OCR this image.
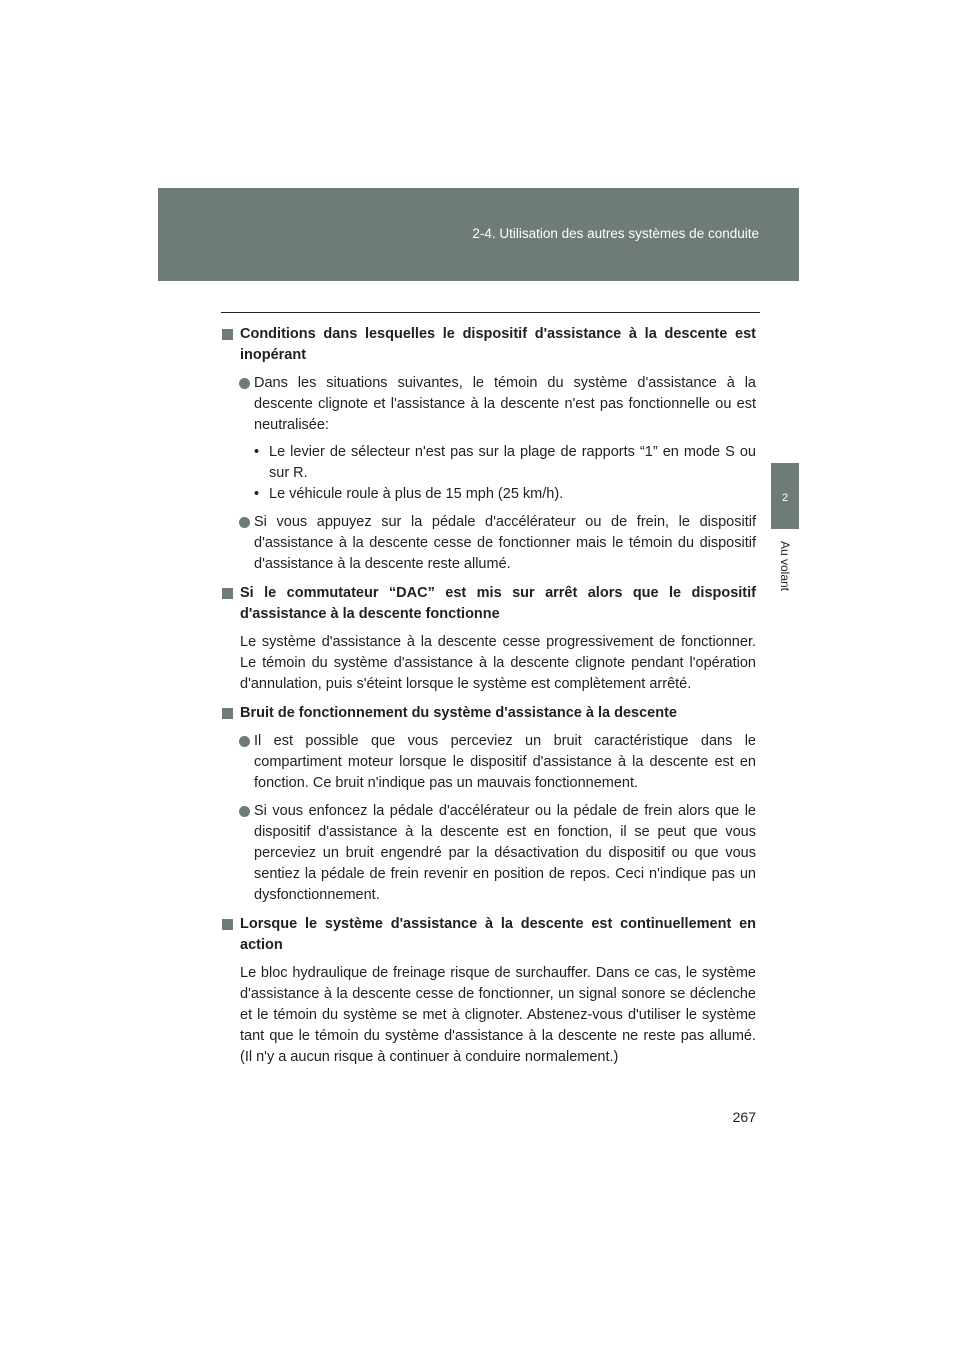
2-4. Utilisation des autres systèmes de conduite
2
Au volant
Conditions dans lesquelles le dispositif d'assistance à la descente est inopérant
Dans les situations suivantes, le témoin du système d'assistance à la descente clignote et l'assistance à la descente n'est pas fonctionnelle ou est neutralisée:
• Le levier de sélecteur n'est pas sur la plage de rapports “1” en mode S ou sur R.
• Le véhicule roule à plus de 15 mph (25 km/h).
Si vous appuyez sur la pédale d'accélérateur ou de frein, le dispositif d'assistance à la descente cesse de fonctionner mais le témoin du dispositif d'assistance à la descente reste allumé.
Si le commutateur “DAC” est mis sur arrêt alors que le dispositif d'assistance à la descente fonctionne
Le système d'assistance à la descente cesse progressivement de fonctionner. Le témoin du système d'assistance à la descente clignote pendant l'opération d'annulation, puis s'éteint lorsque le système est complètement arrêté.
Bruit de fonctionnement du système d'assistance à la descente
Il est possible que vous perceviez un bruit caractéristique dans le compartiment moteur lorsque le dispositif d'assistance à la descente est en fonction. Ce bruit n'indique pas un mauvais fonctionnement.
Si vous enfoncez la pédale d'accélérateur ou la pédale de frein alors que le dispositif d'assistance à la descente est en fonction, il se peut que vous perceviez un bruit engendré par la désactivation du dispositif ou que vous sentiez la pédale de frein revenir en position de repos. Ceci n'indique pas un dysfonctionnement.
Lorsque le système d'assistance à la descente est continuellement en action
Le bloc hydraulique de freinage risque de surchauffer. Dans ce cas, le système d'assistance à la descente cesse de fonctionner, un signal sonore se déclenche et le témoin du système se met à clignoter. Abstenez-vous d'utiliser le système tant que le témoin du système d'assistance à la descente ne reste pas allumé. (Il n'y a aucun risque à continuer à conduire normalement.)
267
